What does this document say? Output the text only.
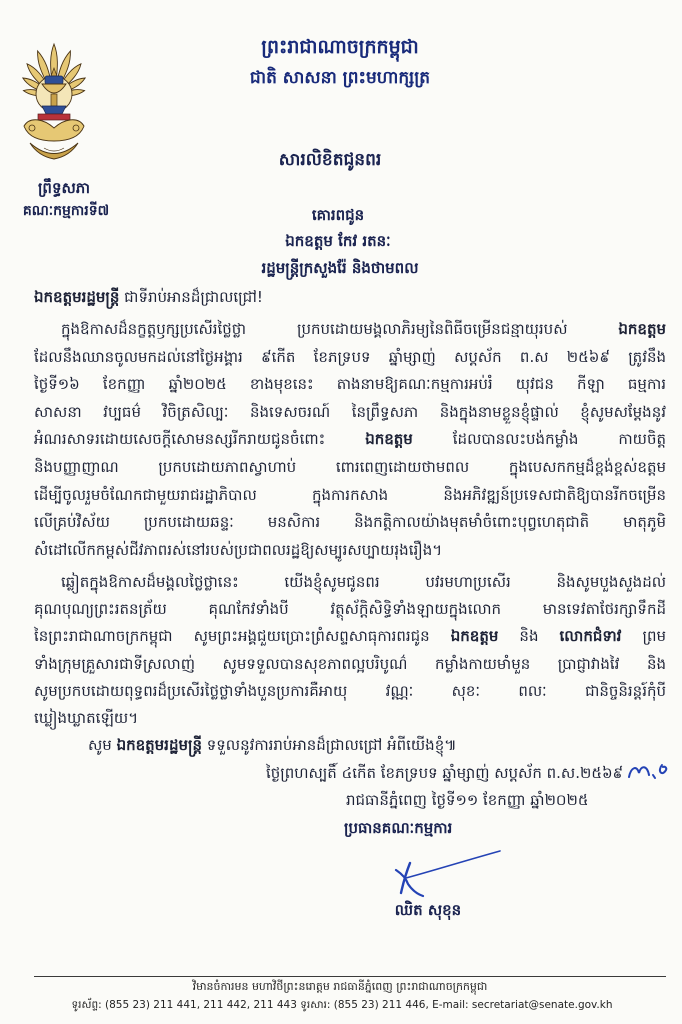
ព្រះរាជាណាចក្រកម្ពុជា
ជាតិ សាសនា ព្រះមហាក្សត្រ
ព្រឹទ្ធសភា
គណៈកម្មការទី៧
សារលិខិតជូនពរ
គោរពជូន
ឯកឧត្តម កែវ រតនៈ
រដ្ឋមន្ត្រីក្រសួងរ៉ែ និងថាមពល
ឯកឧត្តមរដ្ឋមន្ត្រី ជាទីរាប់អានដ៏ជ្រាលជ្រៅ!
ក្នុងឱកាសដ៏នក្ខត្តឫក្សប្រសើរថ្លៃថ្លា ប្រកបដោយមង្គលាភិរម្យនៃពិធីចម្រើនជន្មាយុរបស់ ឯកឧត្តម
ដែលនឹងឈានចូលមកដល់នៅថ្ងៃអង្គារ ៩កើត ខែភទ្របទ ឆ្នាំម្សាញ់ សប្តស័ក ព.ស ២៥៦៩ ត្រូវនឹង
ថ្ងៃទី១៦ ខែកញ្ញា ឆ្នាំ២០២៥ ខាងមុខនេះ តាងនាមឱ្យគណៈកម្មការអប់រំ យុវជន កីឡា ធម្មការ
សាសនា វប្បធម៌ វិចិត្រសិល្បៈ និងទេសចរណ៍ នៃព្រឹទ្ធសភា និងក្នុងនាមខ្លួនខ្ញុំផ្ទាល់ ខ្ញុំសូមសម្តែងនូវ
អំណរសាទរដោយសេចក្តីសោមនស្សរីករាយជូនចំពោះ ឯកឧត្តម ដែលបានលះបង់កម្លាំង កាយចិត្ត
និងបញ្ញាញាណ ប្រកបដោយភាពស្វាហាប់ ពោរពេញដោយថាមពល ក្នុងបេសកកម្មដ៏ខ្ពង់ខ្ពស់ឧត្តម
ដើម្បីចូលរួមចំណែកជាមួយរាជរដ្ឋាភិបាល ក្នុងការកសាង និងអភិវឌ្ឍន៍ប្រទេសជាតិឱ្យបានរីកចម្រើន
លើគ្រប់វិស័យ ប្រកបដោយឆន្ទៈ មនសិការ និងកត្តិកាលយ៉ាងមុតមាំចំពោះបុព្វហេតុជាតិ មាតុភូមិ
សំដៅលើកកម្ពស់ជីវភាពរស់នៅរបស់ប្រជាពលរដ្ឋឱ្យសម្បូរសប្បាយរុងរឿង។
ឆ្លៀតក្នុងឱកាសដ៏មង្គលថ្លៃថ្លានេះ យើងខ្ញុំសូមជូនពរ បវរមហាប្រសើរ និងសូមបួងសួងដល់
គុណបុណ្យព្រះរតនត្រ័យ គុណកែវទាំងបី វត្ថុស័ក្តិសិទ្ធិទាំងឡាយក្នុងលោក មានទេវតាថែរក្សាទឹកដី
នៃព្រះរាជាណាចក្រកម្ពុជា សូមព្រះអង្គជួយប្រោះព្រំសព្ទសាធុការពរជូន ឯកឧត្តម និង លោកជំទាវ ព្រម
ទាំងក្រុមគ្រួសារជាទីស្រលាញ់ សូមទទួលបានសុខភាពល្អបរិបូណ៌ កម្លាំងកាយមាំមួន ប្រាជ្ញាវាងវៃ និង
សូមប្រកបដោយពុទ្ធពរដ៏ប្រសើរថ្លៃថ្លាទាំងបួនប្រការគឺអាយុ វណ្ណៈ សុខៈ ពលៈ ជានិច្ចនិរន្តរ៍កុំបី
ឃ្លៀងឃ្លាតឡើយ។
សូម ឯកឧត្តមរដ្ឋមន្ត្រី ទទួលនូវការរាប់អានដ៏ជ្រាលជ្រៅ អំពីយើងខ្ញុំ៕
ថ្ងៃព្រហស្បតិ៍ ៤កើត ខែភទ្របទ ឆ្នាំម្សាញ់ សប្តស័ក ព.ស.២៥៦៩
រាជធានីភ្នំពេញ ថ្ងៃទី១១ ខែកញ្ញា ឆ្នាំ២០២៥
ប្រធានគណៈកម្មការ
ឈិត សុខុន
វិមានចំការមន មហាវិថីព្រះនរោត្តម រាជធានីភ្នំពេញ ព្រះរាជាណាចក្រកម្ពុជា
ទូរស័ព្ទ: (855 23) 211 441, 211 442, 211 443 ទូរសារ: (855 23) 211 446, E-mail: secretariat@senate.gov.kh
